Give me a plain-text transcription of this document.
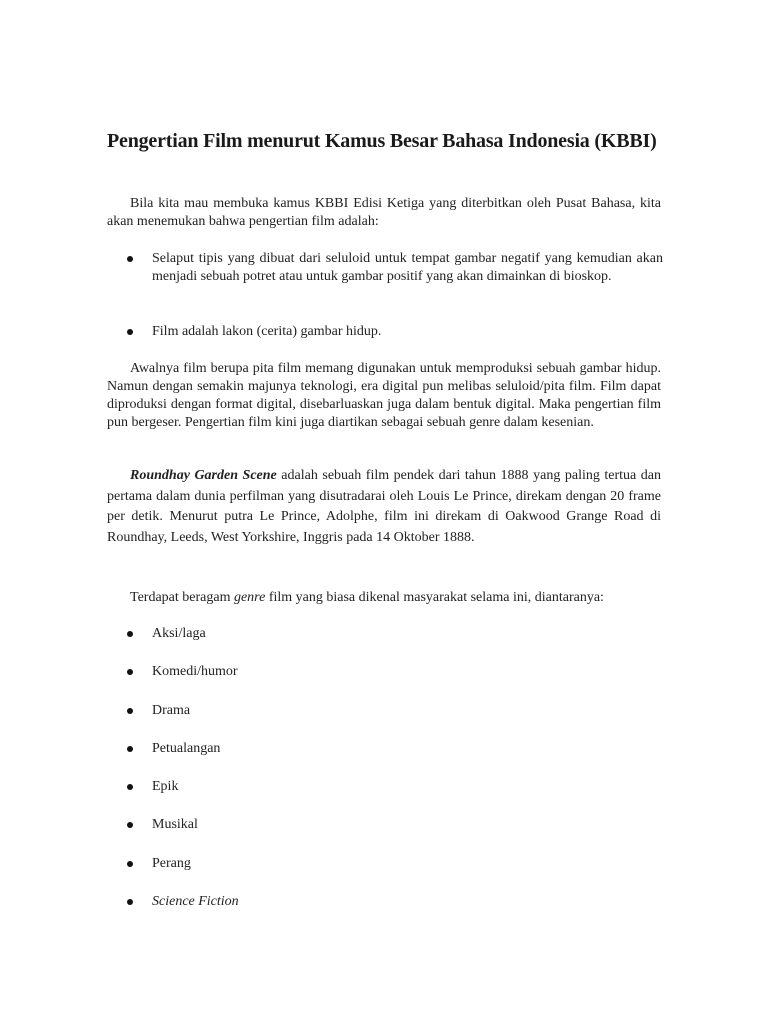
Pengertian Film menurut Kamus Besar Bahasa Indonesia (KBBI)

Bila kita mau membuka kamus KBBI Edisi Ketiga yang diterbitkan oleh Pusat Bahasa, kita akan menemukan bahwa pengertian film adalah:

Selaput tipis yang dibuat dari seluloid untuk tempat gambar negatif yang kemudian akan menjadi sebuah potret atau untuk gambar positif yang akan dimainkan di bioskop.
Film adalah lakon (cerita) gambar hidup.

Awalnya film berupa pita film memang digunakan untuk memproduksi sebuah gambar hidup. Namun dengan semakin majunya teknologi, era digital pun melibas seluloid/pita film. Film dapat diproduksi dengan format digital, disebarluaskan juga dalam bentuk digital. Maka pengertian film pun bergeser. Pengertian film kini juga diartikan sebagai sebuah genre dalam kesenian.

Roundhay Garden Scene adalah sebuah film pendek dari tahun 1888 yang paling tertua dan pertama dalam dunia perfilman yang disutradarai oleh Louis Le Prince, direkam dengan 20 frame per detik. Menurut putra Le Prince, Adolphe, film ini direkam di Oakwood Grange Road di Roundhay, Leeds, West Yorkshire, Inggris pada 14 Oktober 1888.

Terdapat beragam genre film yang biasa dikenal masyarakat selama ini, diantaranya:

Aksi/laga
Komedi/humor
Drama
Petualangan
Epik
Musikal
Perang
Science Fiction
